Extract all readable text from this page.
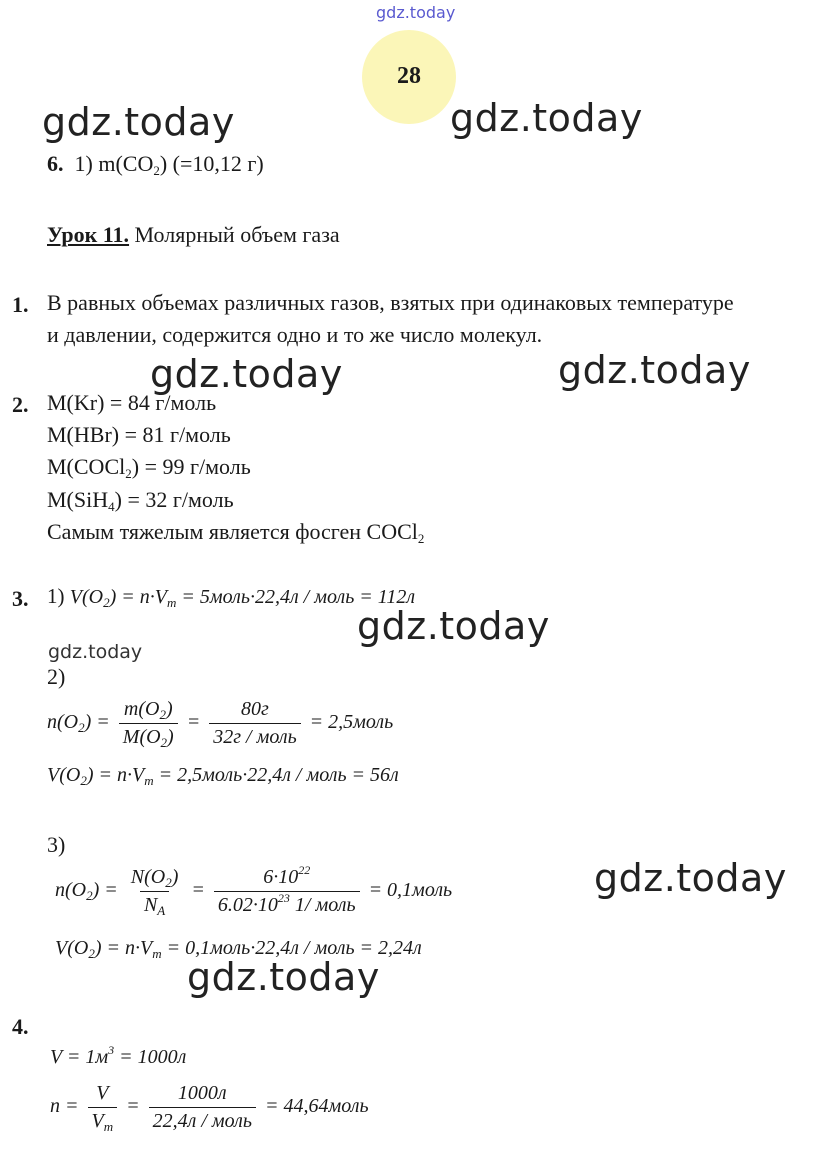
gdz.today
28
gdz.today	gdz.today
gdz.today	gdz.today
gdz.today
gdz.today
gdz.today
gdz.today
6. 1) $m(CO_2)$ (=10,12 г)
Урок 11. Молярный объем газа
1. В равных объемах различных газов, взятых при одинаковых температуре
и давлении, содержится одно и то же число молекул.
2. M(Kr) = 84 г/моль
M(HBr) = 81 г/моль
M(COCl$_2$) = 99 г/моль
M(SiH$_4$) = 32 г/моль
Самым тяжелым является фосген COCl$_2$
3. 1) $V(O_2) = n\cdot V_m$ = 5моль·22,4л / моль = 112л
2)
$n(O_2) = \frac{m(O_2)}{M(O_2)} = \frac{80г}{\text{32г / моль}}$ = 2,5моль
$V(O_2) = n\cdot V_m$ = 2,5моль·22,4л / моль = 56л
3)
$n(O_2) = \frac{N(O_2)}{N_A} = \frac{6\cdot 10^{22}}{6.02\cdot 10^{23} 1/ моль}$ = 0,1моль
$V(O_2) = n\cdot V_m$ = 0,1моль·22,4л / моль = 2,24л
4.
$V = 1м^3 = 1000л$
$n = \frac{V}{V_m} = \frac{1000л}{\text{22,4л / моль}}$ = 44,64моль
